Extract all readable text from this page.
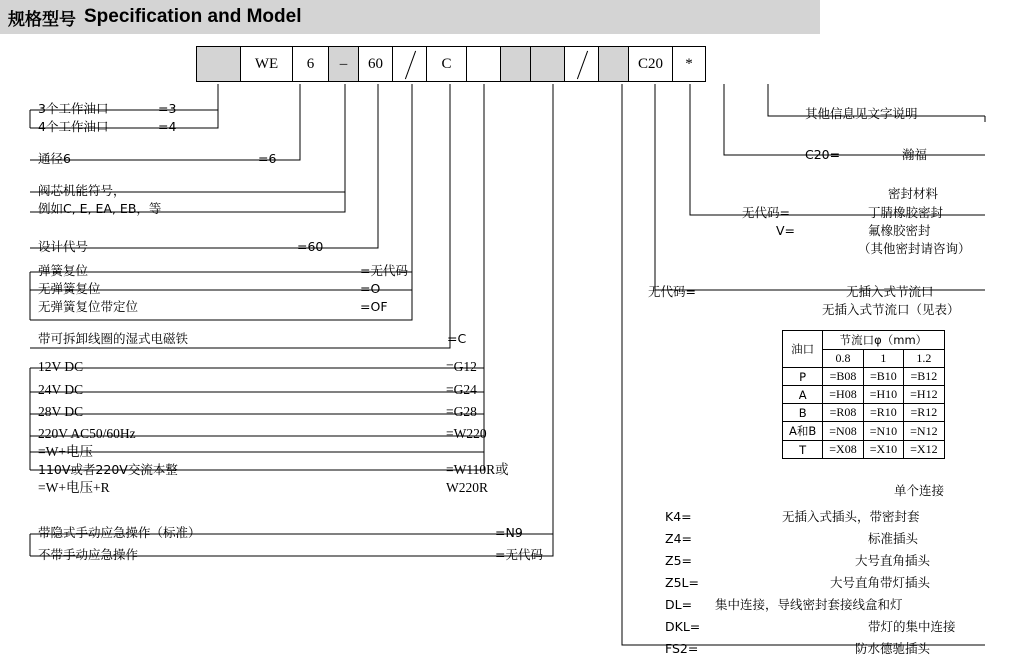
规格型号 Specification and Model
WE 6 – 60	C	C20 *
3个工作油口	=3
4个工作油口	=4
通径6	=6
阀芯机能符号，
例如C, E, EA, EB，等
设计代号	=60
弹簧复位	=无代码
无弹簧复位	=O
无弹簧复位带定位	=OF
带可拆卸线圈的湿式电磁铁	=C
12V DC	=G12
24V DC	=G24
28V DC	=G28
220V AC50/60Hz	=W220
=W+电压
110V或者220V交流本整	=W110R或
=W+电压+R	W220R
带隐式手动应急操作（标准）	=N9
不带手动应急操作	=无代码
其他信息见文字说明
C20=	瀚福
密封材料
无代码=	丁腈橡胶密封
V=	氟橡胶密封
（其他密封请咨询）
无代码=	无插入式节流口
无插入式节流口（见表）
油口	节流口φ（mm）		
	0.8	1	1.2
P	=B08	=B10	=B12
A	=H08	=H10	=H12
B	=R08	=R10	=R12
A和B	=N08	=N10	=N12
T	=X08	=X10	=X12
单个连接
K4=	无插入式插头，带密封套
Z4=	标准插头
Z5=	大号直角插头
Z5L=	大号直角带灯插头
DL= 集中连接，导线密封套接线盒和灯
DKL=	带灯的集中连接
FS2=	防水德驰插头
